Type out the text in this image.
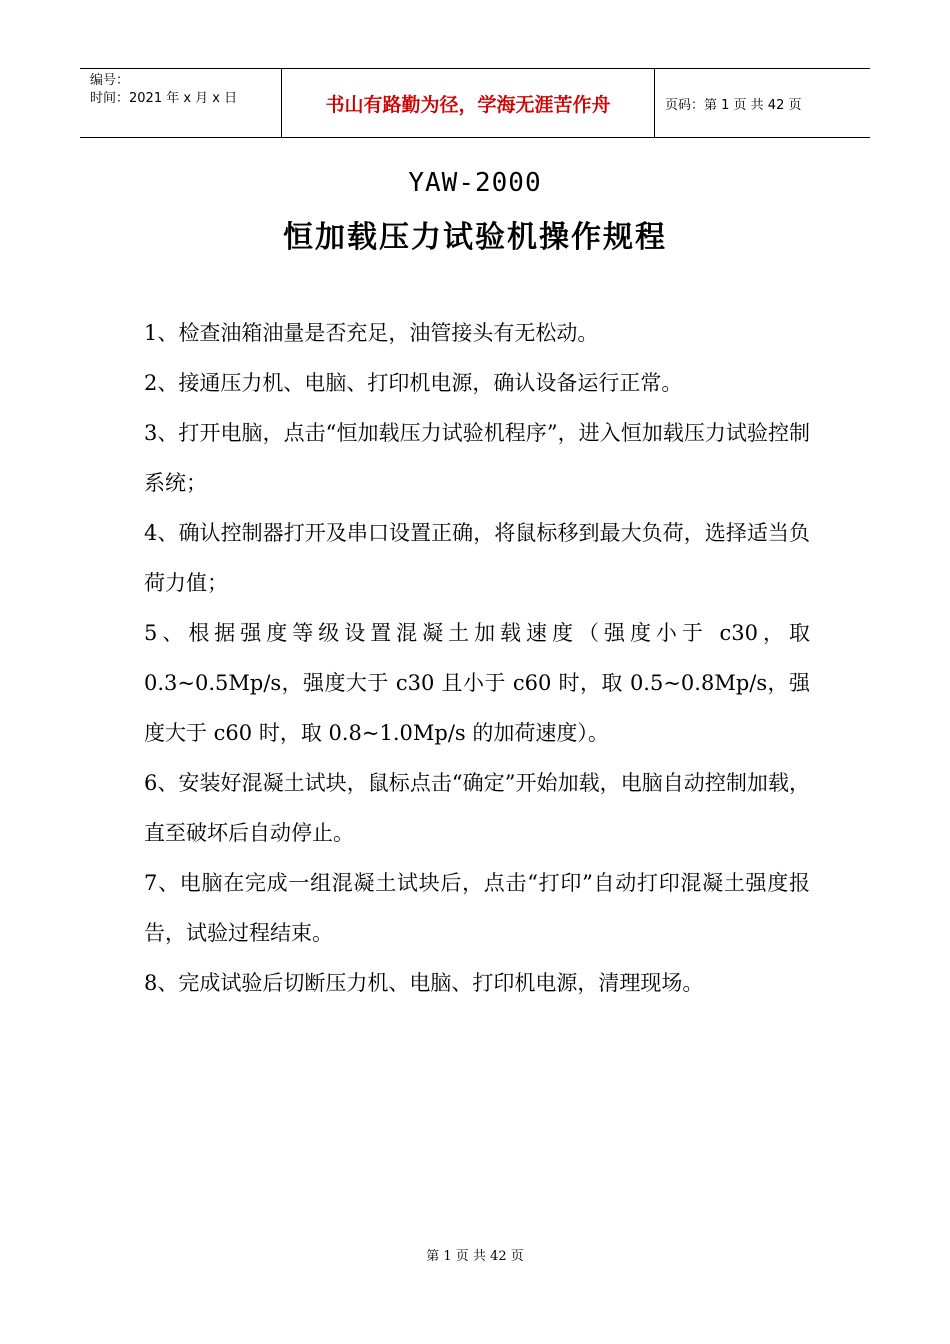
编号：
时间：2021 年 x 月 x 日	书山有路勤为径，学海无涯苦作舟	页码：第 1 页 共 42 页
YAW-2000
恒加载压力试验机操作规程

1、检查油箱油量是否充足，油管接头有无松动。

2、接通压力机、电脑、打印机电源，确认设备运行正常。

3、打开电脑，点击“恒加载压力试验机程序”，进入恒加载压力试验控制系统；

4、确认控制器打开及串口设置正确，将鼠标移到最大负荷，选择适当负荷力值；

5、根据强度等级设置混凝土加载速度（强度小于 c30，取 0.3~0.5Mp/s，强度大于 c30 且小于 c60 时，取 0.5~0.8Mp/s，强度大于 c60 时，取 0.8~1.0Mp/s 的加荷速度）。

6、安装好混凝土试块，鼠标点击“确定”开始加载，电脑自动控制加载，直至破坏后自动停止。

7、电脑在完成一组混凝土试块后，点击“打印”自动打印混凝土强度报告，试验过程结束。

8、完成试验后切断压力机、电脑、打印机电源，清理现场。

第 1 页 共 42 页
